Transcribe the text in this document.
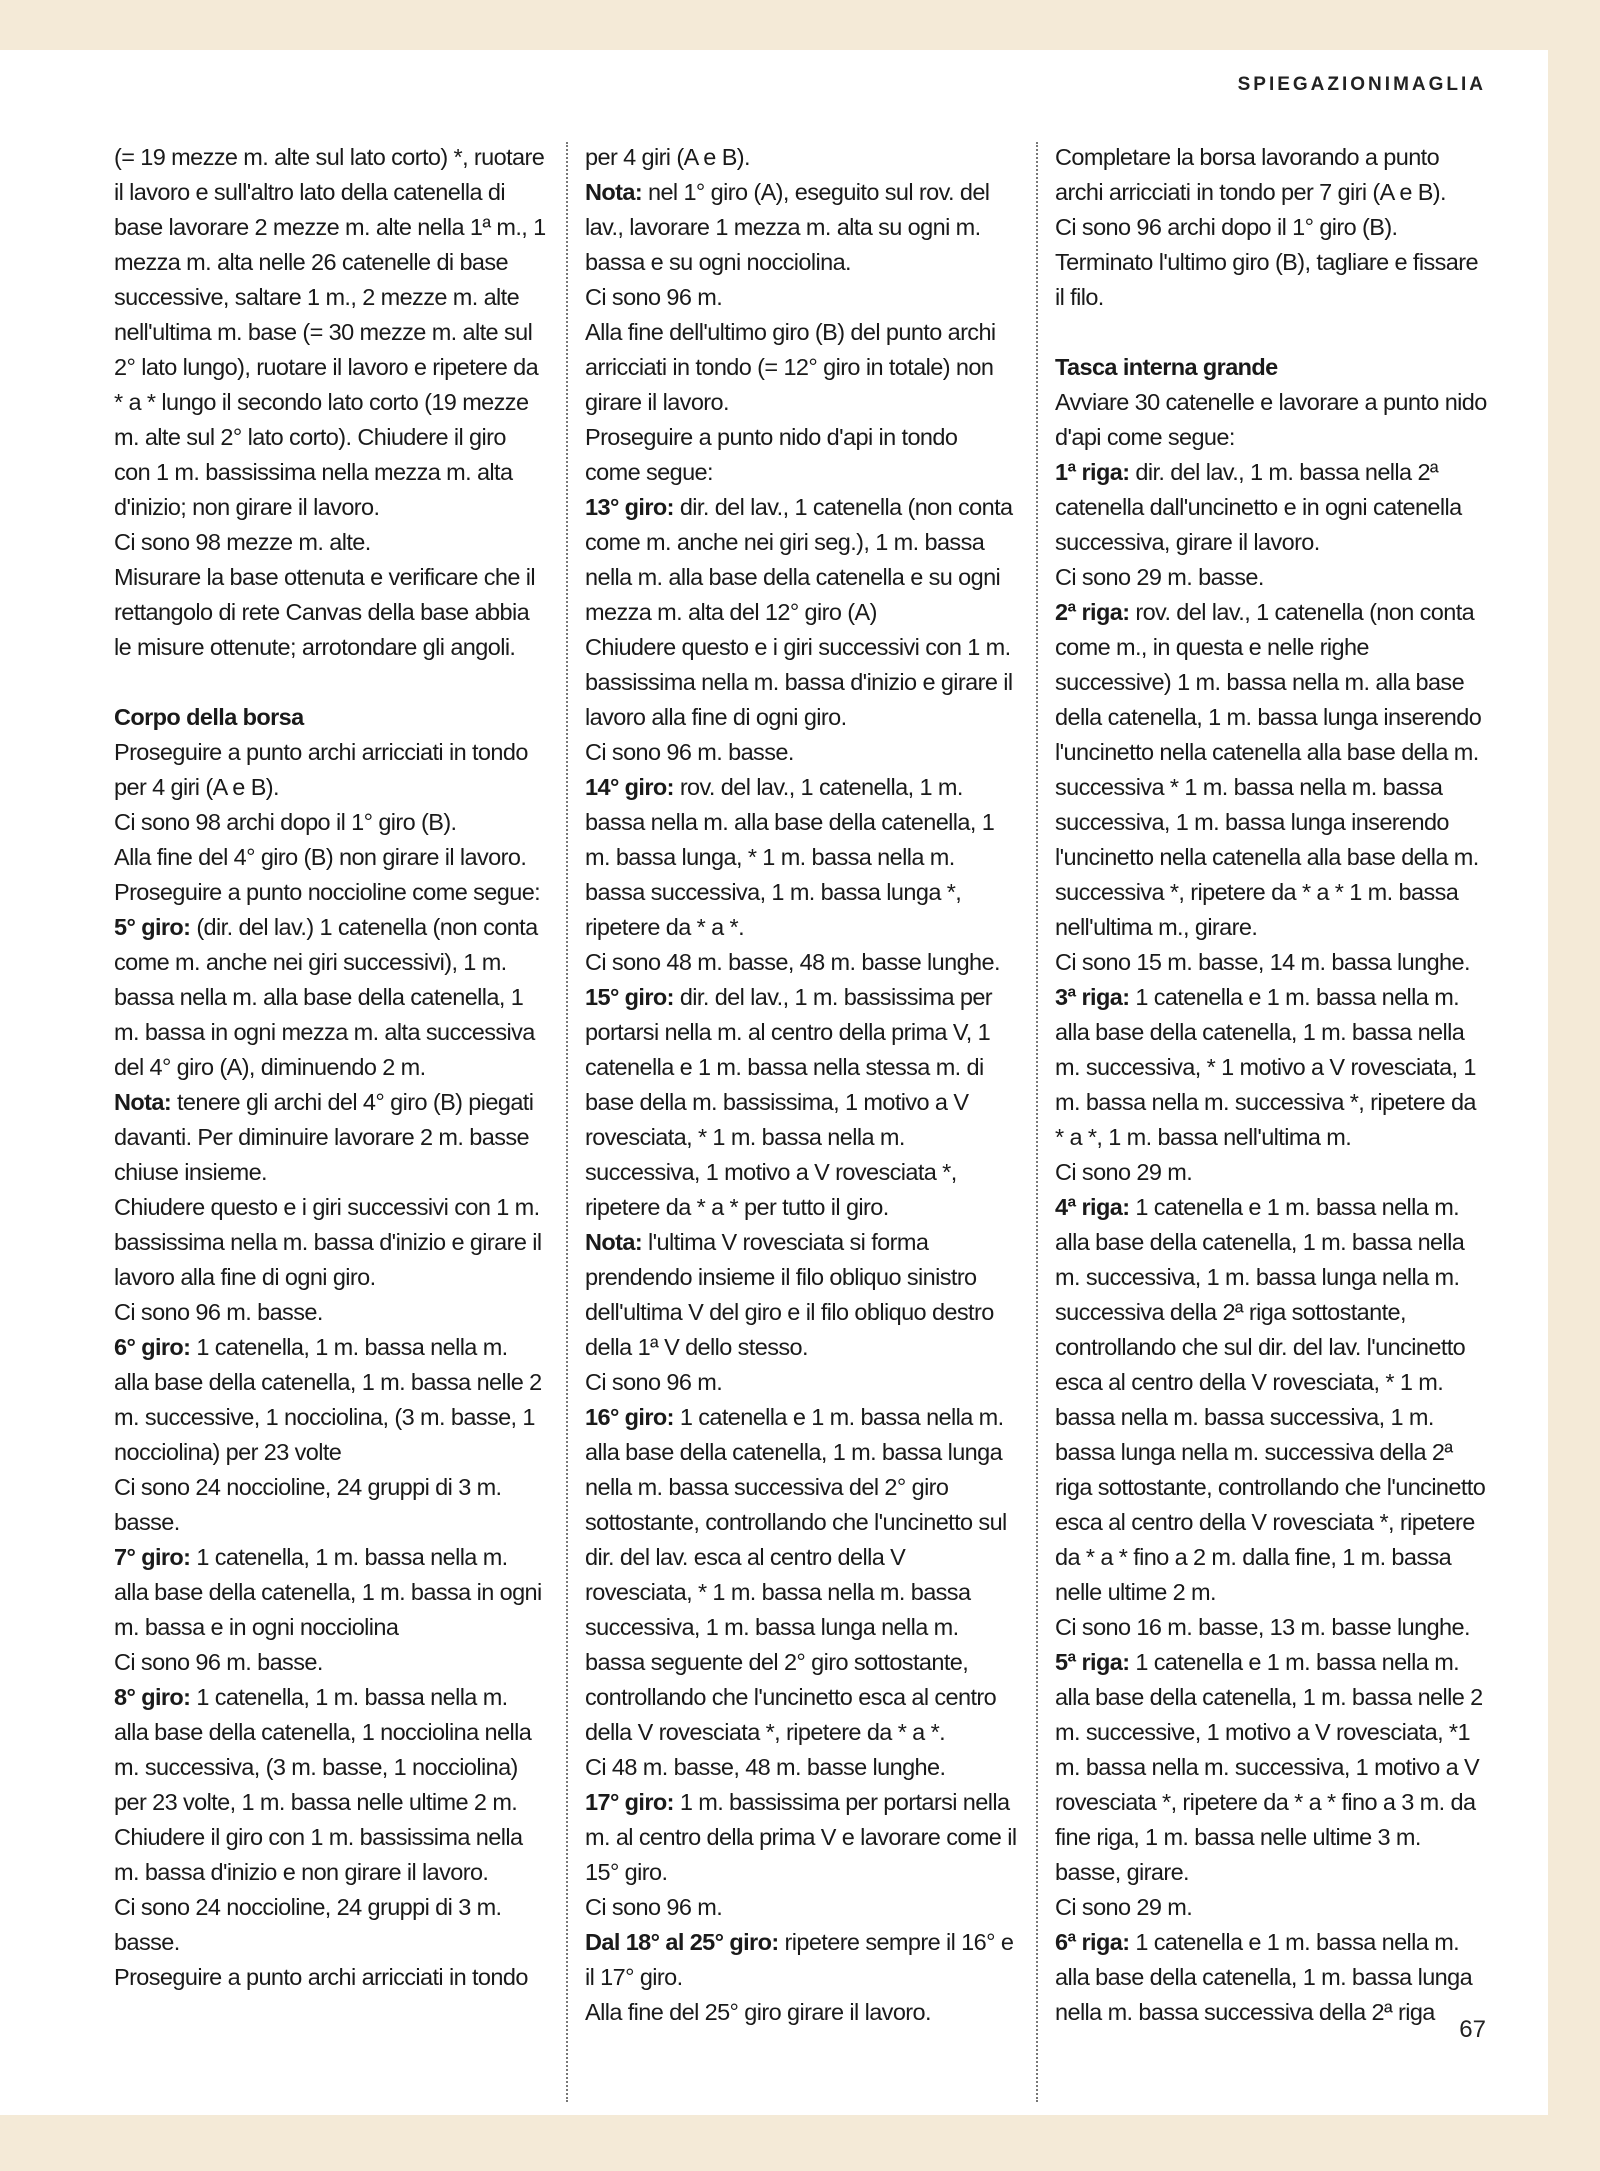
SPIEGAZIONIMAGLIA

(= 19 mezze m. alte sul lato corto) *, ruotare il lavoro e sull'altro lato della catenella di base lavorare 2 mezze m. alte nella 1ª m., 1 mezza m. alta nelle 26 catenelle di base successive, saltare 1 m., 2 mezze m. alte nell'ultima m. base (= 30 mezze m. alte sul 2° lato lungo), ruotare il lavoro e ripetere da * a * lungo il secondo lato corto (19 mezze m. alte sul 2° lato corto). Chiudere il giro con 1 m. bassissima nella mezza m. alta d'inizio; non girare il lavoro.

Ci sono 98 mezze m. alte.

Misurare la base ottenuta e verificare che il rettangolo di rete Canvas della base abbia le misure ottenute; arrotondare gli angoli.

Corpo della borsa

Proseguire a punto archi arricciati in tondo per 4 giri (A e B).

Ci sono 98 archi dopo il 1° giro (B).

Alla fine del 4° giro (B) non girare il lavoro.

Proseguire a punto noccioline come segue:

5° giro: (dir. del lav.) 1 catenella (non conta come m. anche nei giri successivi), 1 m. bassa nella m. alla base della catenella, 1 m. bassa in ogni mezza m. alta successiva del 4° giro (A), diminuendo 2 m.

Nota: tenere gli archi del 4° giro (B) piegati davanti. Per diminuire lavorare 2 m. basse chiuse insieme.

Chiudere questo e i giri successivi con 1 m. bassissima nella m. bassa d'inizio e girare il lavoro alla fine di ogni giro.

Ci sono 96 m. basse.

6° giro: 1 catenella, 1 m. bassa nella m. alla base della catenella, 1 m. bassa nelle 2 m. successive, 1 nocciolina, (3 m. basse, 1 nocciolina) per 23 volte

Ci sono 24 noccioline, 24 gruppi di 3 m. basse.

7° giro: 1 catenella, 1 m. bassa nella m. alla base della catenella, 1 m. bassa in ogni m. bassa e in ogni nocciolina

Ci sono 96 m. basse.

8° giro: 1 catenella, 1 m. bassa nella m. alla base della catenella, 1 nocciolina nella m. successiva, (3 m. basse, 1 nocciolina) per 23 volte, 1 m. bassa nelle ultime 2 m.

Chiudere il giro con 1 m. bassissima nella m. bassa d'inizio e non girare il lavoro.

Ci sono 24 noccioline, 24 gruppi di 3 m. basse.

Proseguire a punto archi arricciati in tondo

per 4 giri (A e B).

Nota: nel 1° giro (A), eseguito sul rov. del lav., lavorare 1 mezza m. alta su ogni m. bassa e su ogni nocciolina.

Ci sono 96 m.

Alla fine dell'ultimo giro (B) del punto archi arricciati in tondo (= 12° giro in totale) non girare il lavoro.

Proseguire a punto nido d'api in tondo come segue:

13° giro: dir. del lav., 1 catenella (non conta come m. anche nei giri seg.), 1 m. bassa nella m. alla base della catenella e su ogni mezza m. alta del 12° giro (A)

Chiudere questo e i giri successivi con 1 m. bassissima nella m. bassa d'inizio e girare il lavoro alla fine di ogni giro.

Ci sono 96 m. basse.

14° giro: rov. del lav., 1 catenella, 1 m. bassa nella m. alla base della catenella, 1 m. bassa lunga, * 1 m. bassa nella m. bassa successiva, 1 m. bassa lunga *, ripetere da * a *.

Ci sono 48 m. basse, 48 m. basse lunghe.

15° giro: dir. del lav., 1 m. bassissima per portarsi nella m. al centro della prima V, 1 catenella e 1 m. bassa nella stessa m. di base della m. bassissima, 1 motivo a V rovesciata, * 1 m. bassa nella m. successiva, 1 motivo a V rovesciata *, ripetere da * a * per tutto il giro.

Nota: l'ultima V rovesciata si forma prendendo insieme il filo obliquo sinistro dell'ultima V del giro e il filo obliquo destro della 1ª V dello stesso.

Ci sono 96 m.

16° giro: 1 catenella e 1 m. bassa nella m. alla base della catenella, 1 m. bassa lunga nella m. bassa successiva del 2° giro sottostante, controllando che l'uncinetto sul dir. del lav. esca al centro della V rovesciata, * 1 m. bassa nella m. bassa successiva, 1 m. bassa lunga nella m. bassa seguente del 2° giro sottostante, controllando che l'uncinetto esca al centro della V rovesciata *, ripetere da * a *.

Ci 48 m. basse, 48 m. basse lunghe.

17° giro: 1 m. bassissima per portarsi nella m. al centro della prima V e lavorare come il 15° giro.

Ci sono 96 m.

Dal 18° al 25° giro: ripetere sempre il 16° e il 17° giro.

Alla fine del 25° giro girare il lavoro.

Completare la borsa lavorando a punto archi arricciati in tondo per 7 giri (A e B).

Ci sono 96 archi dopo il 1° giro (B).

Terminato l'ultimo giro (B), tagliare e fissare il filo.

Tasca interna grande

Avviare 30 catenelle e lavorare a punto nido d'api come segue:

1ª riga: dir. del lav., 1 m. bassa nella 2ª catenella dall'uncinetto e in ogni catenella successiva, girare il lavoro.

Ci sono 29 m. basse.

2ª riga: rov. del lav., 1 catenella (non conta come m., in questa e nelle righe successive) 1 m. bassa nella m. alla base della catenella, 1 m. bassa lunga inserendo l'uncinetto nella catenella alla base della m. successiva * 1 m. bassa nella m. bassa successiva, 1 m. bassa lunga inserendo l'uncinetto nella catenella alla base della m. successiva *, ripetere da * a * 1 m. bassa nell'ultima m., girare.

Ci sono 15 m. basse, 14 m. bassa lunghe.

3ª riga: 1 catenella e 1 m. bassa nella m. alla base della catenella, 1 m. bassa nella m. successiva, * 1 motivo a V rovesciata, 1 m. bassa nella m. successiva *, ripetere da * a *, 1 m. bassa nell'ultima m.

Ci sono 29 m.

4ª riga: 1 catenella e 1 m. bassa nella m. alla base della catenella, 1 m. bassa nella m. successiva, 1 m. bassa lunga nella m. successiva della 2ª riga sottostante, controllando che sul dir. del lav. l'uncinetto esca al centro della V rovesciata, * 1 m. bassa nella m. bassa successiva, 1 m. bassa lunga nella m. successiva della 2ª riga sottostante, controllando che l'uncinetto esca al centro della V rovesciata *, ripetere da * a * fino a 2 m. dalla fine, 1 m. bassa nelle ultime 2 m.

Ci sono 16 m. basse, 13 m. basse lunghe.

5ª riga: 1 catenella e 1 m. bassa nella m. alla base della catenella, 1 m. bassa nelle 2 m. successive, 1 motivo a V rovesciata, *1 m. bassa nella m. successiva, 1 motivo a V rovesciata *, ripetere da * a * fino a 3 m. da fine riga, 1 m. bassa nelle ultime 3 m. basse, girare.

Ci sono 29 m.

6ª riga: 1 catenella e 1 m. bassa nella m. alla base della catenella, 1 m. bassa lunga nella m. bassa successiva della 2ª riga

67
